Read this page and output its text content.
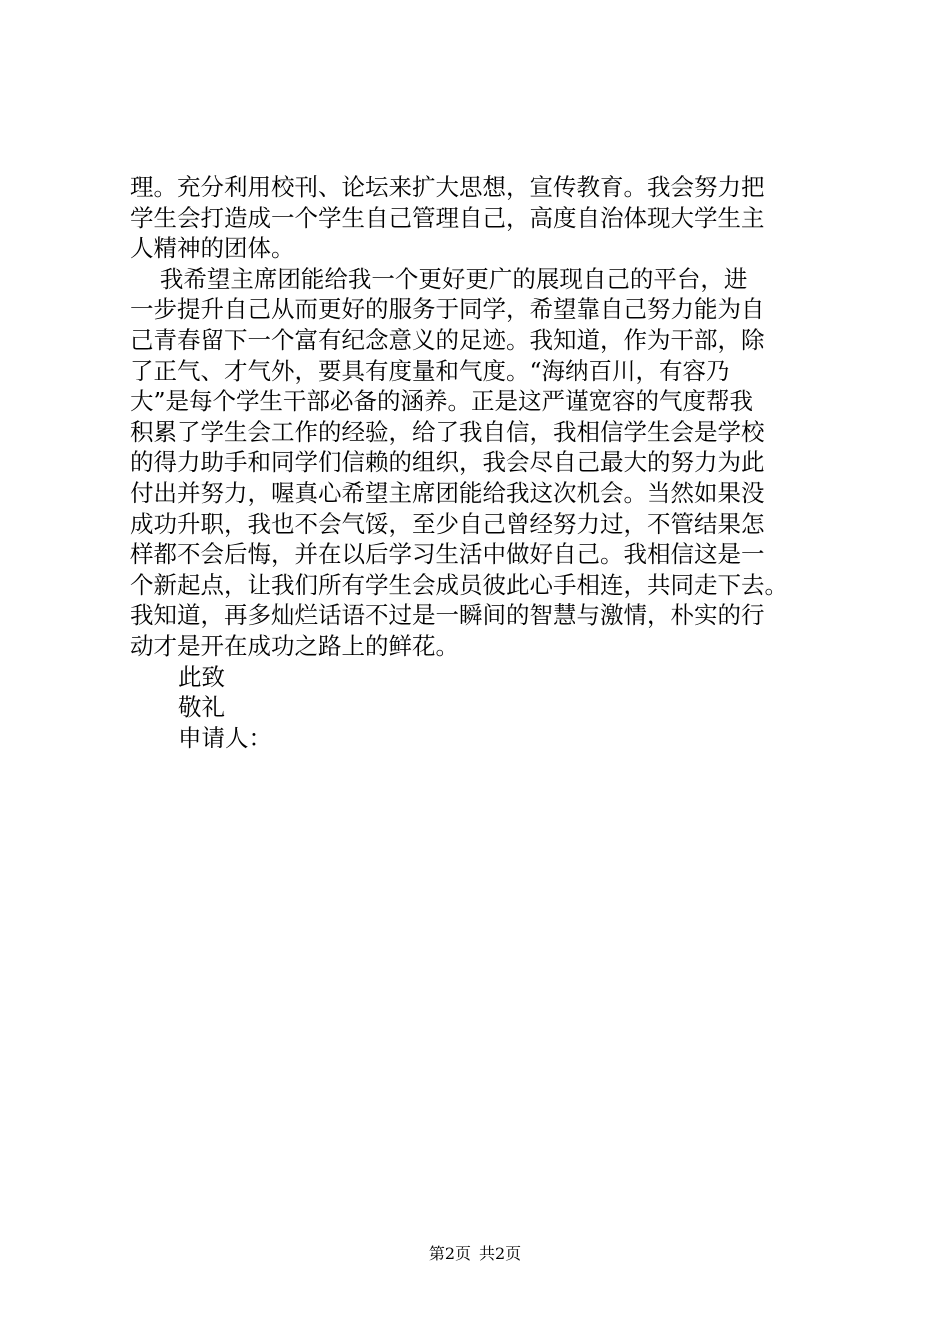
理。充分利用校刊、论坛来扩大思想，宣传教育。我会努力把
学生会打造成一个学生自己管理自己，高度自治体现大学生主
人精神的团体。
我希望主席团能给我一个更好更广的展现自己的平台，进
一步提升自己从而更好的服务于同学，希望靠自己努力能为自
己青春留下一个富有纪念意义的足迹。我知道，作为干部，除
了正气、才气外，要具有度量和气度。“海纳百川，有容乃
大”是每个学生干部必备的涵养。正是这严谨宽容的气度帮我
积累了学生会工作的经验，给了我自信，我相信学生会是学校
的得力助手和同学们信赖的组织，我会尽自己最大的努力为此
付出并努力，喔真心希望主席团能给我这次机会。当然如果没
成功升职，我也不会气馁，至少自己曾经努力过，不管结果怎
样都不会后悔，并在以后学习生活中做好自己。我相信这是一
个新起点，让我们所有学生会成员彼此心手相连，共同走下去。
我知道，再多灿烂话语不过是一瞬间的智慧与激情，朴实的行
动才是开在成功之路上的鲜花。
此致
敬礼
申请人：
第2页 共2页
